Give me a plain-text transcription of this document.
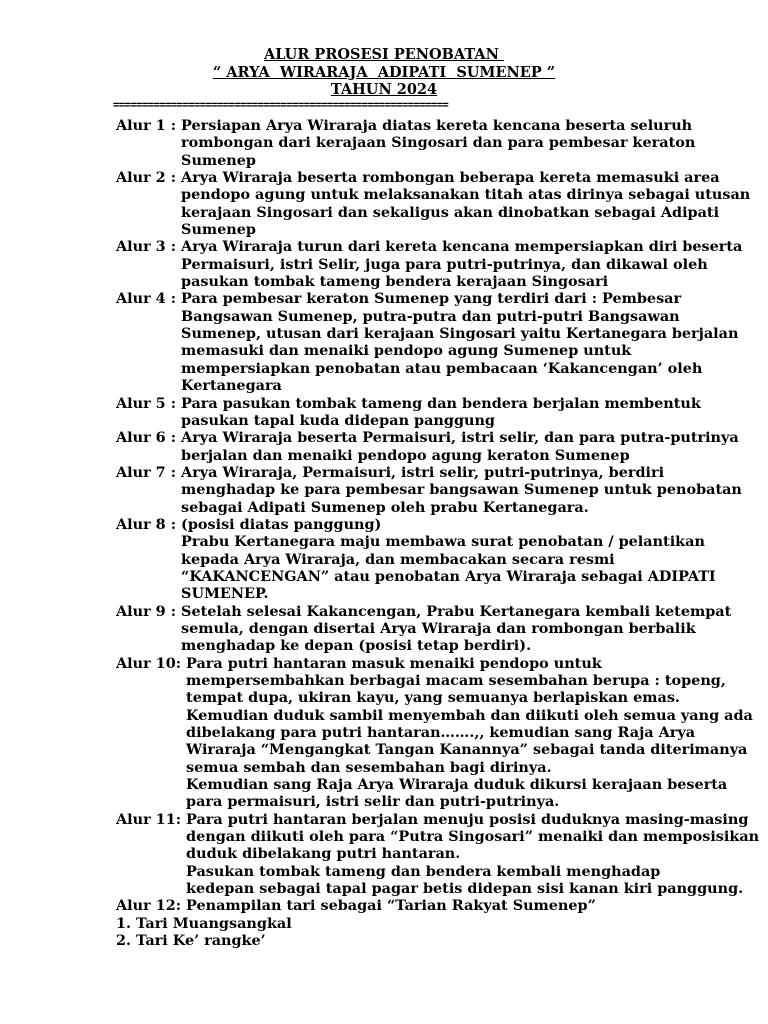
ALUR PROSESI PENOBATAN
“ ARYA  WIRARAJA  ADIPATI  SUMENEP ”
TAHUN 2024
==========================================================
Alur 1 : Persiapan Arya Wiraraja diatas kereta kencana beserta seluruh
rombongan dari kerajaan Singosari dan para pembesar keraton
Sumenep
Alur 2 : Arya Wiraraja beserta rombongan beberapa kereta memasuki area
pendopo agung untuk melaksanakan titah atas dirinya sebagai utusan
kerajaan Singosari dan sekaligus akan dinobatkan sebagai Adipati
Sumenep
Alur 3 : Arya Wiraraja turun dari kereta kencana mempersiapkan diri beserta
Permaisuri, istri Selir, juga para putri-putrinya, dan dikawal oleh
pasukan tombak tameng bendera kerajaan Singosari
Alur 4 : Para pembesar keraton Sumenep yang terdiri dari : Pembesar
Bangsawan Sumenep, putra-putra dan putri-putri Bangsawan
Sumenep, utusan dari kerajaan Singosari yaitu Kertanegara berjalan
memasuki dan menaiki pendopo agung Sumenep untuk
mempersiapkan penobatan atau pembacaan ‘Kakancengan’ oleh
Kertanegara
Alur 5 : Para pasukan tombak tameng dan bendera berjalan membentuk
pasukan tapal kuda didepan panggung
Alur 6 : Arya Wiraraja beserta Permaisuri, istri selir, dan para putra-putrinya
berjalan dan menaiki pendopo agung keraton Sumenep
Alur 7 : Arya Wiraraja, Permaisuri, istri selir, putri-putrinya, berdiri
menghadap ke para pembesar bangsawan Sumenep untuk penobatan
sebagai Adipati Sumenep oleh prabu Kertanegara.
Alur 8 : (posisi diatas panggung)
Prabu Kertanegara maju membawa surat penobatan / pelantikan
kepada Arya Wiraraja, dan membacakan secara resmi
“KAKANCENGAN” atau penobatan Arya Wiraraja sebagai ADIPATI
SUMENEP.
Alur 9 : Setelah selesai Kakancengan, Prabu Kertanegara kembali ketempat
semula, dengan disertai Arya Wiraraja dan rombongan berbalik
menghadap ke depan (posisi tetap berdiri).
Alur 10: Para putri hantaran masuk menaiki pendopo untuk
mempersembahkan berbagai macam sesembahan berupa : topeng,
tempat dupa, ukiran kayu, yang semuanya berlapiskan emas.
Kemudian duduk sambil menyembah dan diikuti oleh semua yang ada
dibelakang para putri hantaran…….,, kemudian sang Raja Arya
Wiraraja “Mengangkat Tangan Kanannya” sebagai tanda diterimanya
semua sembah dan sesembahan bagi dirinya.
Kemudian sang Raja Arya Wiraraja duduk dikursi kerajaan beserta
para permaisuri, istri selir dan putri-putrinya.
Alur 11: Para putri hantaran berjalan menuju posisi duduknya masing-masing
dengan diikuti oleh para “Putra Singosari” menaiki dan memposisikan
duduk dibelakang putri hantaran.
Pasukan tombak tameng dan bendera kembali menghadap
kedepan sebagai tapal pagar betis didepan sisi kanan kiri panggung.
Alur 12: Penampilan tari sebagai “Tarian Rakyat Sumenep”
1. Tari Muangsangkal
2. Tari Ke’ rangke’
